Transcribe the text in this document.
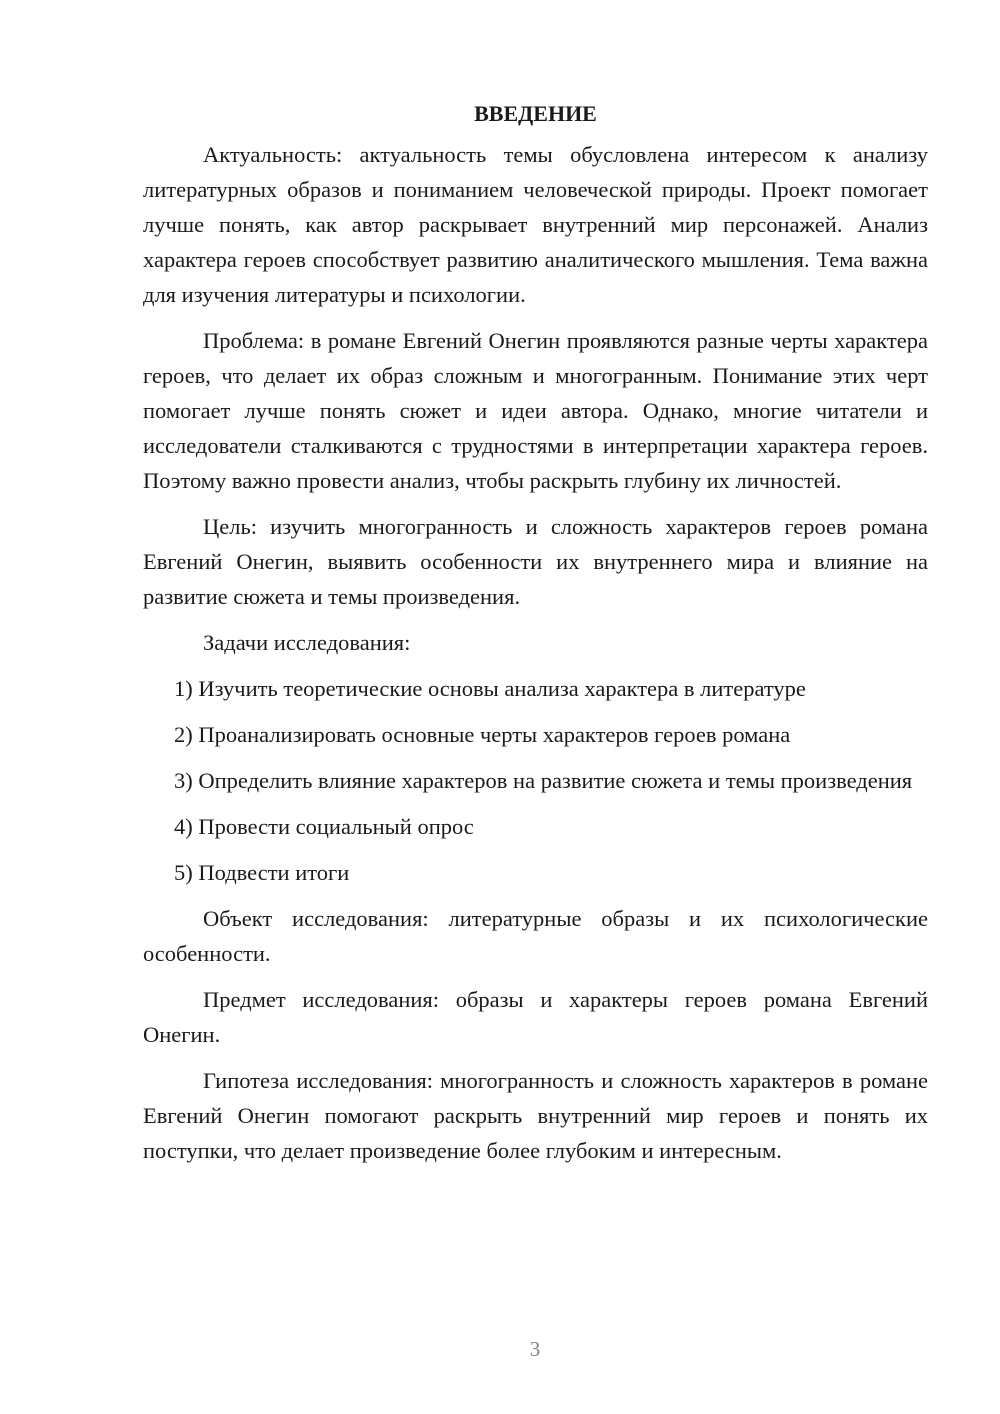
ВВЕДЕНИЕ

Актуальность: актуальность темы обусловлена интересом к анализу литературных образов и пониманием человеческой природы. Проект помогает лучше понять, как автор раскрывает внутренний мир персонажей. Анализ характера героев способствует развитию аналитического мышления. Тема важна для изучения литературы и психологии.

Проблема: в романе Евгений Онегин проявляются разные черты характера героев, что делает их образ сложным и многогранным. Понимание этих черт помогает лучше понять сюжет и идеи автора. Однако, многие читатели и исследователи сталкиваются с трудностями в интерпретации характера героев. Поэтому важно провести анализ, чтобы раскрыть глубину их личностей.

Цель: изучить многогранность и сложность характеров героев романа Евгений Онегин, выявить особенности их внутреннего мира и влияние на развитие сюжета и темы произведения.

Задачи исследования:

1) Изучить теоретические основы анализа характера в литературе

2) Проанализировать основные черты характеров героев романа

3) Определить влияние характеров на развитие сюжета и темы произведения

4) Провести социальный опрос

5) Подвести итоги

Объект исследования: литературные образы и их психологические особенности.

Предмет исследования: образы и характеры героев романа Евгений Онегин.

Гипотеза исследования: многогранность и сложность характеров в романе Евгений Онегин помогают раскрыть внутренний мир героев и понять их поступки, что делает произведение более глубоким и интересным.

3
